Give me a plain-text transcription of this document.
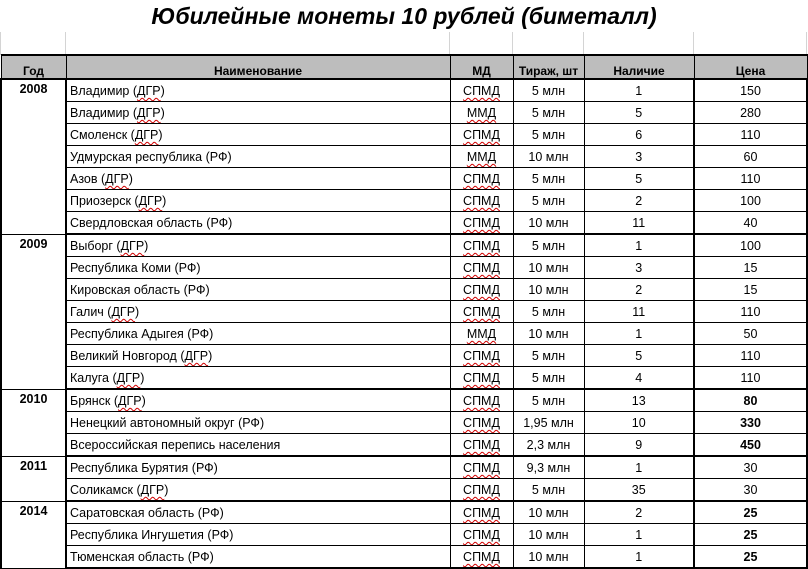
Юбилейные монеты 10 рублей (биметалл)
Год	Наименование	МД	Тираж, шт	Наличие	Цена
2008	Владимир (ДГР)	СПМД	5 млн	1	150
	Владимир (ДГР)	ММД	5 млн	5	280
	Смоленск (ДГР)	СПМД	5 млн	6	110
	Удмурская республика (РФ)	ММД	10 млн	3	60
	Азов (ДГР)	СПМД	5 млн	5	110
	Приозерск (ДГР)	СПМД	5 млн	2	100
	Свердловская область (РФ)	СПМД	10 млн	11	40
2009	Выборг (ДГР)	СПМД	5 млн	1	100
	Республика Коми (РФ)	СПМД	10 млн	3	15
	Кировская область (РФ)	СПМД	10 млн	2	15
	Галич (ДГР)	СПМД	5 млн	11	110
	Республика Адыгея (РФ)	ММД	10 млн	1	50
	Великий Новгород (ДГР)	СПМД	5 млн	5	110
	Калуга (ДГР)	СПМД	5 млн	4	110
2010	Брянск (ДГР)	СПМД	5 млн	13	80
	Ненецкий автономный округ (РФ)	СПМД	1,95 млн	10	330
	Всероссийская перепись населения	СПМД	2,3 млн	9	450
2011	Республика Бурятия (РФ)	СПМД	9,3 млн	1	30
	Соликамск (ДГР)	СПМД	5 млн	35	30
2014	Саратовская область (РФ)	СПМД	10 млн	2	25
	Республика Ингушетия (РФ)	СПМД	10 млн	1	25
	Тюменская область (РФ)	СПМД	10 млн	1	25
